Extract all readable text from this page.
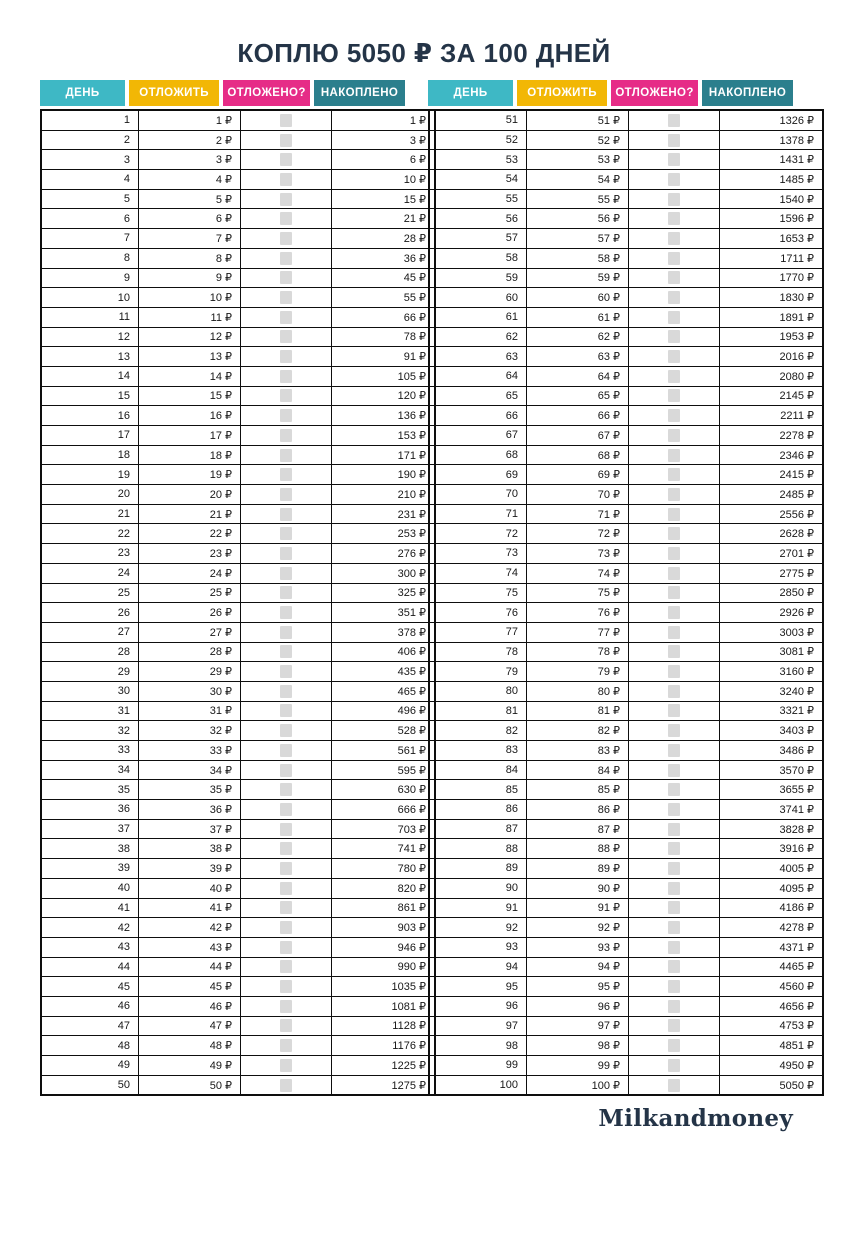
КОПЛЮ 5050 ₽ ЗА 100 ДНЕЙ
ДЕНЬ	ОТЛОЖИТЬ	ОТЛОЖЕНО?	НАКОПЛЕНО
1	1 ₽		1 ₽
2	2 ₽		3 ₽
3	3 ₽		6 ₽
4	4 ₽		10 ₽
5	5 ₽		15 ₽
6	6 ₽		21 ₽
7	7 ₽		28 ₽
8	8 ₽		36 ₽
9	9 ₽		45 ₽
10	10 ₽		55 ₽
11	11 ₽		66 ₽
12	12 ₽		78 ₽
13	13 ₽		91 ₽
14	14 ₽		105 ₽
15	15 ₽		120 ₽
16	16 ₽		136 ₽
17	17 ₽		153 ₽
18	18 ₽		171 ₽
19	19 ₽		190 ₽
20	20 ₽		210 ₽
21	21 ₽		231 ₽
22	22 ₽		253 ₽
23	23 ₽		276 ₽
24	24 ₽		300 ₽
25	25 ₽		325 ₽
26	26 ₽		351 ₽
27	27 ₽		378 ₽
28	28 ₽		406 ₽
29	29 ₽		435 ₽
30	30 ₽		465 ₽
31	31 ₽		496 ₽
32	32 ₽		528 ₽
33	33 ₽		561 ₽
34	34 ₽		595 ₽
35	35 ₽		630 ₽
36	36 ₽		666 ₽
37	37 ₽		703 ₽
38	38 ₽		741 ₽
39	39 ₽		780 ₽
40	40 ₽		820 ₽
41	41 ₽		861 ₽
42	42 ₽		903 ₽
43	43 ₽		946 ₽
44	44 ₽		990 ₽
45	45 ₽		1035 ₽
46	46 ₽		1081 ₽
47	47 ₽		1128 ₽
48	48 ₽		1176 ₽
49	49 ₽		1225 ₽
50	50 ₽		1275 ₽
ДЕНЬ	ОТЛОЖИТЬ	ОТЛОЖЕНО?	НАКОПЛЕНО
51	51 ₽		1326 ₽
52	52 ₽		1378 ₽
53	53 ₽		1431 ₽
54	54 ₽		1485 ₽
55	55 ₽		1540 ₽
56	56 ₽		1596 ₽
57	57 ₽		1653 ₽
58	58 ₽		1711 ₽
59	59 ₽		1770 ₽
60	60 ₽		1830 ₽
61	61 ₽		1891 ₽
62	62 ₽		1953 ₽
63	63 ₽		2016 ₽
64	64 ₽		2080 ₽
65	65 ₽		2145 ₽
66	66 ₽		2211 ₽
67	67 ₽		2278 ₽
68	68 ₽		2346 ₽
69	69 ₽		2415 ₽
70	70 ₽		2485 ₽
71	71 ₽		2556 ₽
72	72 ₽		2628 ₽
73	73 ₽		2701 ₽
74	74 ₽		2775 ₽
75	75 ₽		2850 ₽
76	76 ₽		2926 ₽
77	77 ₽		3003 ₽
78	78 ₽		3081 ₽
79	79 ₽		3160 ₽
80	80 ₽		3240 ₽
81	81 ₽		3321 ₽
82	82 ₽		3403 ₽
83	83 ₽		3486 ₽
84	84 ₽		3570 ₽
85	85 ₽		3655 ₽
86	86 ₽		3741 ₽
87	87 ₽		3828 ₽
88	88 ₽		3916 ₽
89	89 ₽		4005 ₽
90	90 ₽		4095 ₽
91	91 ₽		4186 ₽
92	92 ₽		4278 ₽
93	93 ₽		4371 ₽
94	94 ₽		4465 ₽
95	95 ₽		4560 ₽
96	96 ₽		4656 ₽
97	97 ₽		4753 ₽
98	98 ₽		4851 ₽
99	99 ₽		4950 ₽
100	100 ₽		5050 ₽
Milkandmoney
